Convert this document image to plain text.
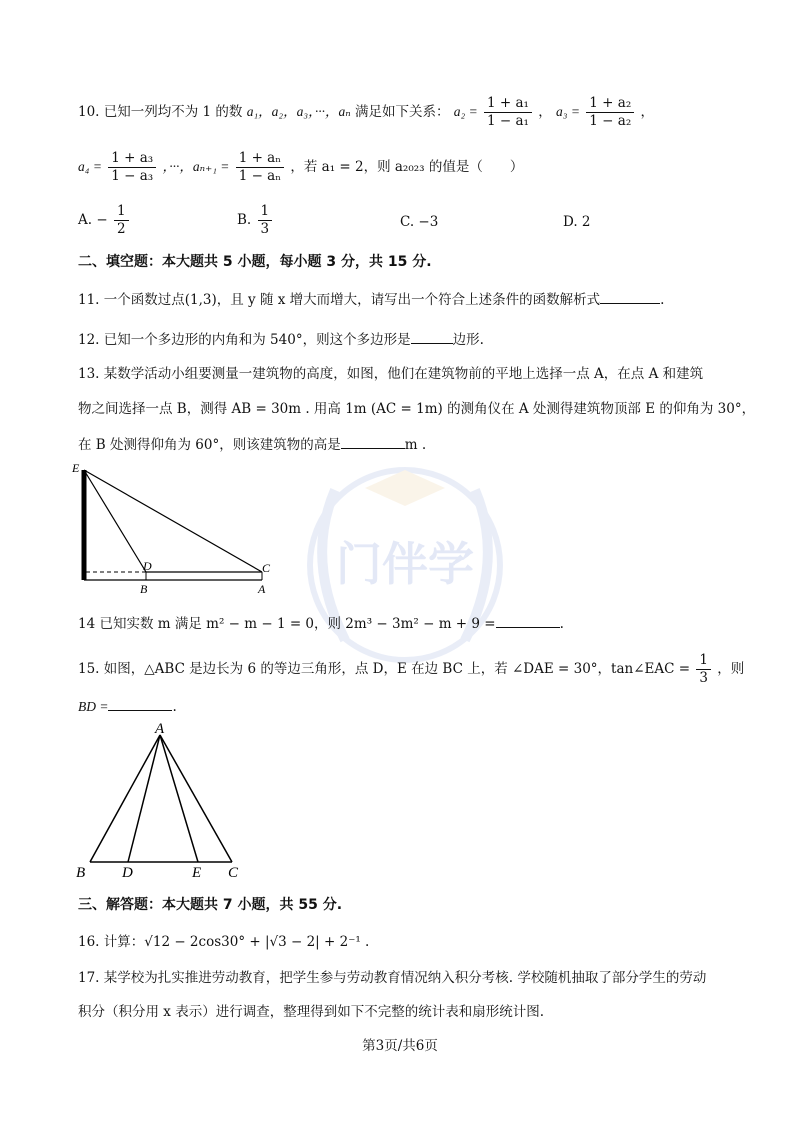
门伴学
10. 已知一列均不为 1 的数 a₁，a₂，a₃，···，aₙ 满足如下关系： $a_2 = \frac{\text{1 + a₁}}{\text{1 − a₁}}$ ， $a_3 = \frac{\text{1 + a₂}}{\text{1 − a₂}}$ ，
$a_4 = \frac{\text{1 + a₃}}{\text{1 − a₃}}$ ，···，$a_{n+1} = \frac{\text{1 + aₙ}}{\text{1 − aₙ}}$ ，若 a₁ = 2，则 a₂₀₂₃ 的值是（　　）
A. − $\frac{1}{2}$	B. $\frac{1}{3}$	C. −3	D. 2
二、填空题：本大题共 5 小题，每小题 3 分，共 15 分.
11. 一个函数过点(1,3)，且 y 随 x 增大而增大，请写出一个符合上述条件的函数解析式	.
12. 已知一个多边形的内角和为 540°，则这个多边形是	边形.
13. 某数学活动小组要测量一建筑物的高度，如图，他们在建筑物前的平地上选择一点 A，在点 A 和建筑
物之间选择一点 B，测得 AB = 30m . 用高 1m (AC = 1m) 的测角仪在 A 处测得建筑物顶部 E 的仰角为 30°，
在 B 处测得仰角为 60°，则该建筑物的高是	m .
E
D	C
B	A
14 已知实数 m 满足 m² − m − 1 = 0，则 2m³ − 3m² − m + 9 =	.
15. 如图，△ABC 是边长为 6 的等边三角形，点 D，E 在边 BC 上，若 ∠DAE = 30°，tan∠EAC = $\frac{1}{3}$ ，则
BD =	.
A
B D	E C
三、解答题：本大题共 7 小题，共 55 分.
16. 计算：√12 − 2cos30° + |√3 − 2| + 2⁻¹ .
17. 某学校为扎实推进劳动教育，把学生参与劳动教育情况纳入积分考核. 学校随机抽取了部分学生的劳动
积分（积分用 x 表示）进行调查，整理得到如下不完整的统计表和扇形统计图.
第3页/共6页
